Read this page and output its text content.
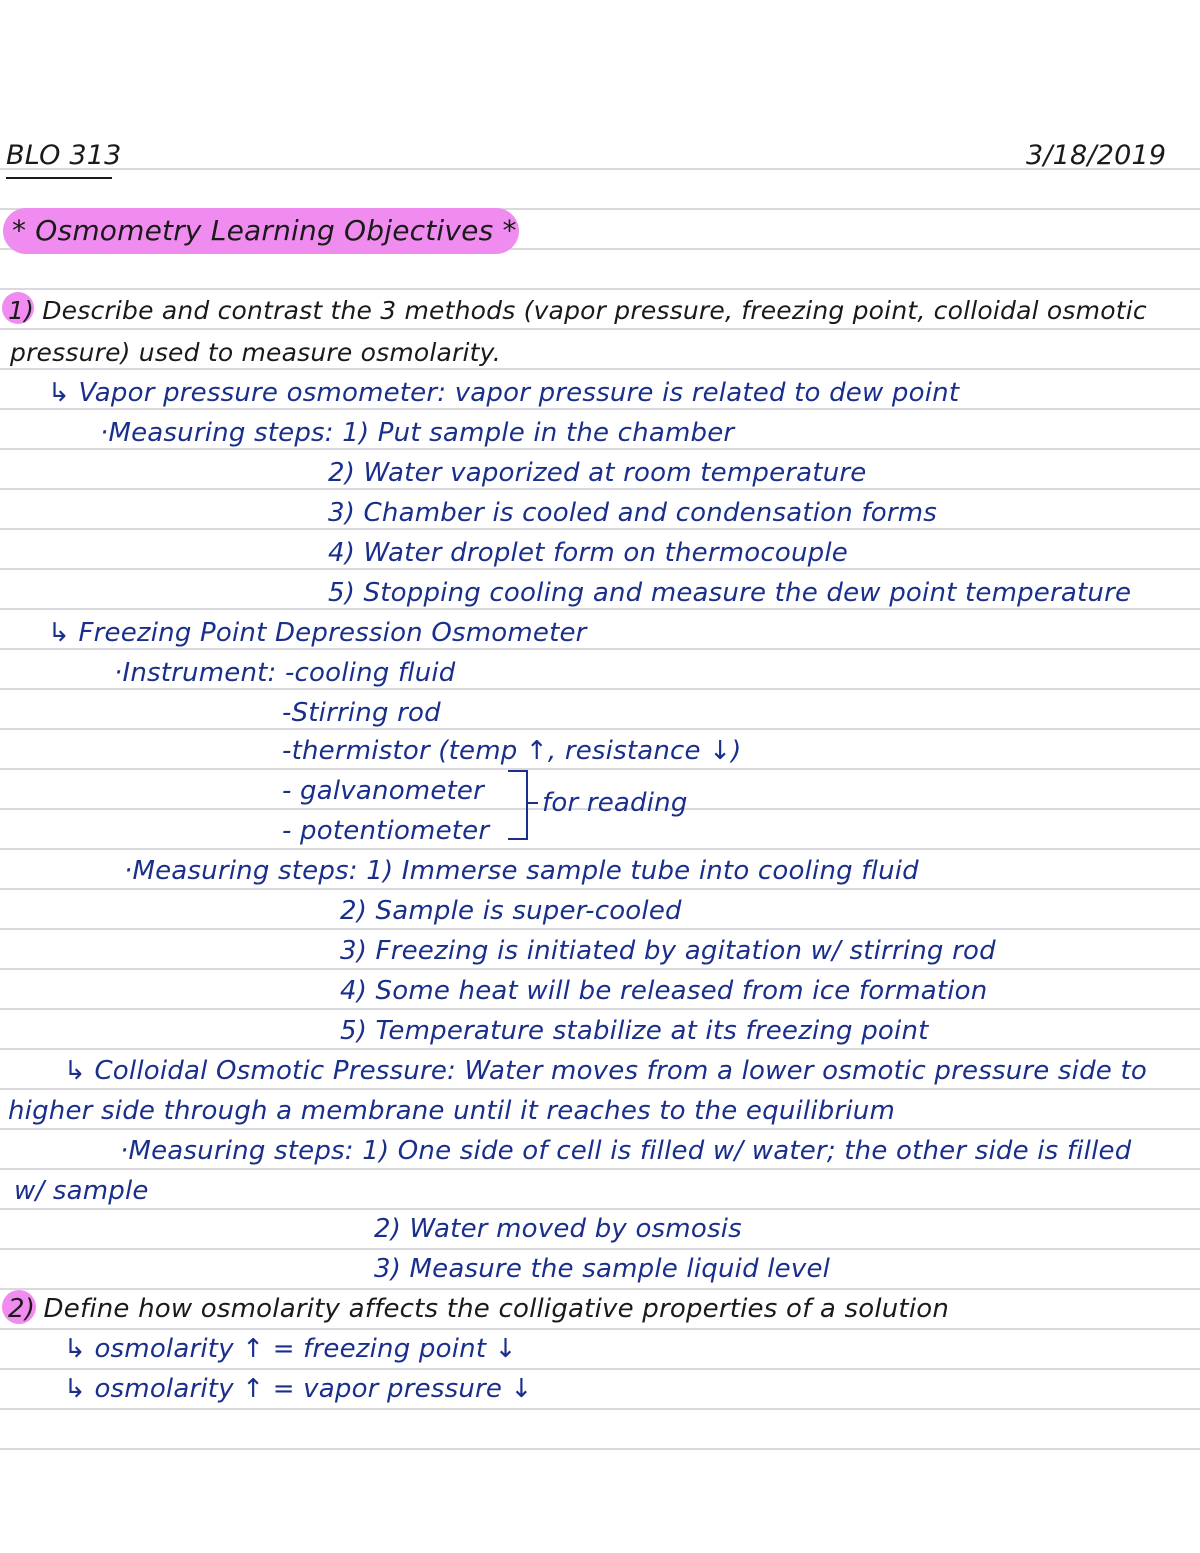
BLO 313	3/18/2019
* Osmometry Learning Objectives *
1) Describe and contrast the 3 methods (vapor pressure, freezing point, colloidal osmotic
pressure) used to measure osmolarity.
↳ Vapor pressure osmometer: vapor pressure is related to dew point
·Measuring steps: 1) Put sample in the chamber
2) Water vaporized at room temperature
3) Chamber is cooled and condensation forms
4) Water droplet form on thermocouple
5) Stopping cooling and measure the dew point temperature
↳ Freezing Point Depression Osmometer
·Instrument: -cooling fluid
-Stirring rod
-thermistor (temp ↑, resistance ↓)
- galvanometer
- potentiometer
for reading
·Measuring steps: 1) Immerse sample tube into cooling fluid
2) Sample is super-cooled
3) Freezing is initiated by agitation w/ stirring rod
4) Some heat will be released from ice formation
5) Temperature stabilize at its freezing point
↳ Colloidal Osmotic Pressure: Water moves from a lower osmotic pressure side to
higher side through a membrane until it reaches to the equilibrium
·Measuring steps: 1) One side of cell is filled w/ water; the other side is filled
w/ sample
2) Water moved by osmosis
3) Measure the sample liquid level
2) Define how osmolarity affects the colligative properties of a solution
↳ osmolarity ↑ = freezing point ↓
↳ osmolarity ↑ = vapor pressure ↓
